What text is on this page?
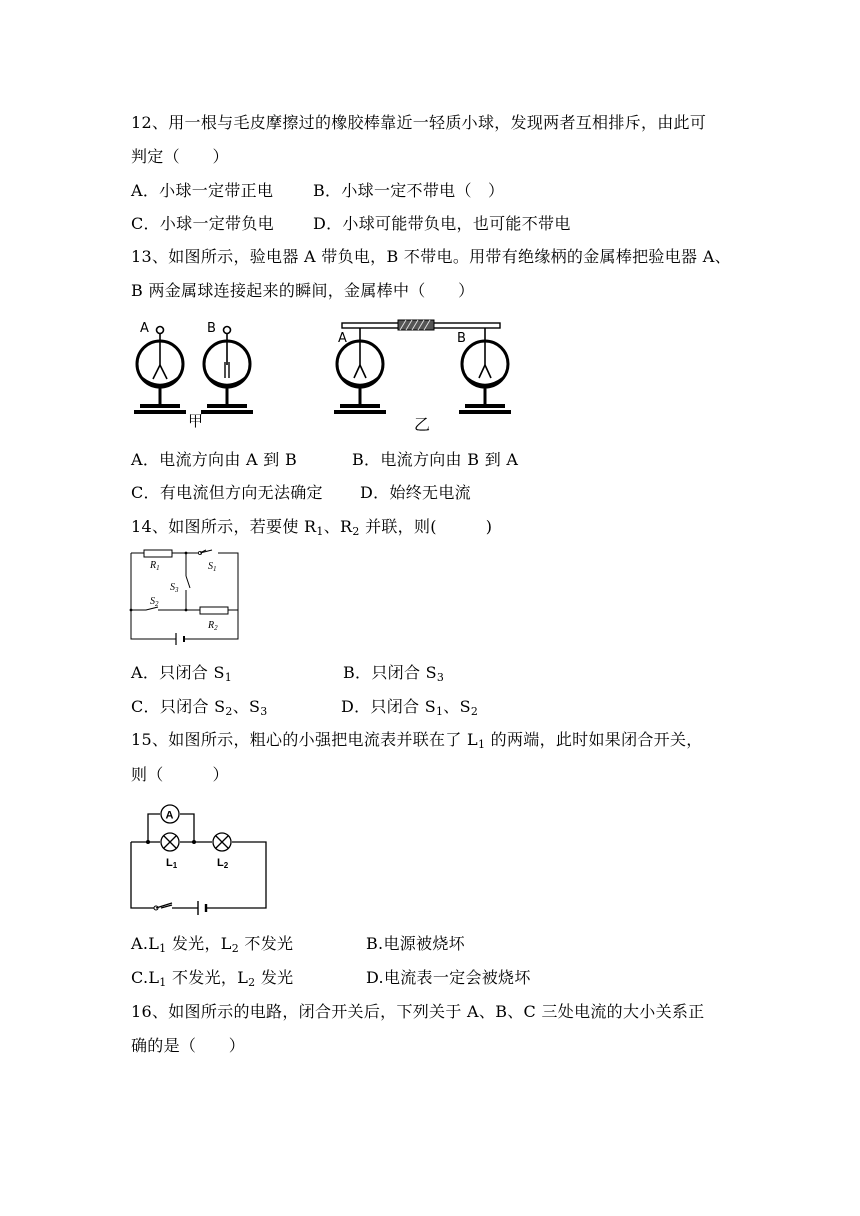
12、用一根与毛皮摩擦过的橡胶棒靠近一轻质小球，发现两者互相排斥，由此可
判定（　　）
A．小球一定带正电 B．小球一定不带电（　）
C．小球一定带负电 D．小球可能带负电，也可能不带电
13、如图所示，验电器 A 带负电，B 不带电。用带有绝缘柄的金属棒把验电器 A、
B 两金属球连接起来的瞬间，金属棒中（　　）
A	B
甲
A	B
乙
A．电流方向由 A 到 B	B．电流方向由 B 到 A
C．有电流但方向无法确定 D．始终无电流
14、如图所示，若要使 $R_1$、$R_2$ 并联，则(　　　)
$R_1$	$S_1$
$S_3$
$S_2$
$R_2$
A．只闭合 $S_1$	B．只闭合 $S_3$
C．只闭合 $S_2$、$S_3$	D．只闭合 $S_1$、$S_2$
15、如图所示，粗心的小强把电流表并联在了 $L_1$ 的两端，此时如果闭合开关，
则（　　　）
A
L1	L2
$A.L_1$ 发光，$L_2$ 不发光	B.电源被烧坏
$C.L_1$ 不发光，$L_2$ 发光	D.电流表一定会被烧坏
16、如图所示的电路，闭合开关后，下列关于 A、B、C 三处电流的大小关系正
确的是（　　）
